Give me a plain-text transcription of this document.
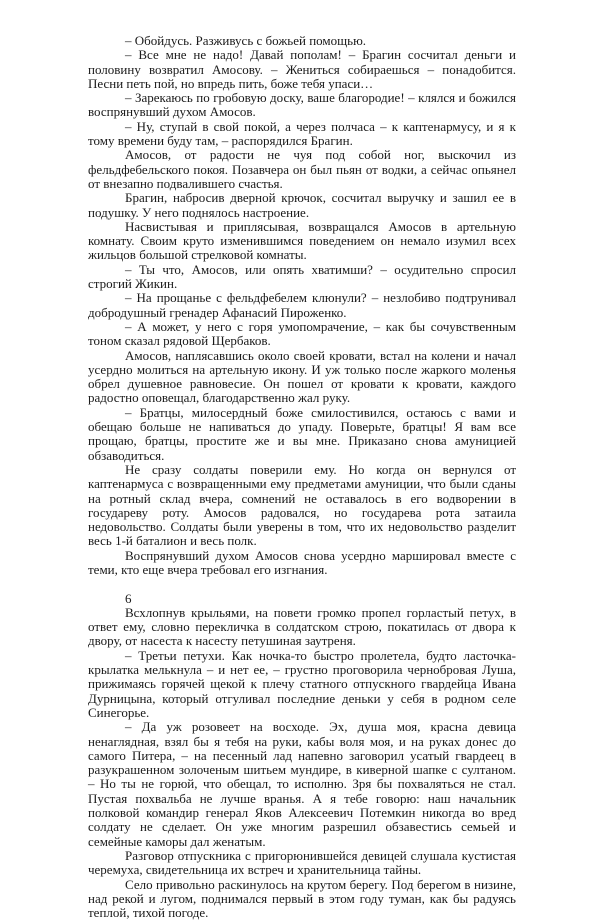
– Обойдусь. Разживусь с божьей помощью.

– Все мне не надо! Давай пополам! – Брагин сосчитал деньги и половину возвратил Амосову. – Жениться собираешься – понадобится. Песни петь пой, но впредь пить, боже тебя упаси…

– Зарекаюсь по гробовую доску, ваше благородие! – клялся и божился воспрянувший духом Амосов.

– Ну, ступай в свой покой, а через полчаса – к каптенармусу, и я к тому времени буду там, – распорядился Брагин.

Амосов, от радости не чуя под собой ног, выскочил из фельдфебельского покоя. Позавчера он был пьян от водки, а сейчас опьянел от внезапно подвалившего счастья.

Брагин, набросив дверной крючок, сосчитал выручку и зашил ее в подушку. У него поднялось настроение.

Насвистывая и приплясывая, возвращался Амосов в артельную комнату. Своим круто изменившимся поведением он немало изумил всех жильцов большой стрелковой комнаты.

– Ты что, Амосов, или опять хватимши? – осудительно спросил строгий Жикин.

– На прощанье с фельдфебелем клюнули? – незлобиво подтрунивал добродушный гренадер Афанасий Пироженко.

– А может, у него с горя умопомрачение, – как бы сочувственным тоном сказал рядовой Щербаков.

Амосов, наплясавшись около своей кровати, встал на колени и начал усердно молиться на артельную икону. И уж только после жаркого моленья обрел душевное равновесие. Он пошел от кровати к кровати, каждого радостно оповещал, благодарственно жал руку.

– Братцы, милосердный боже смилостивился, остаюсь с вами и обещаю больше не напиваться до упаду. Поверьте, братцы! Я вам все прощаю, братцы, простите же и вы мне. Приказано снова амуницией обзаводиться.

Не сразу солдаты поверили ему. Но когда он вернулся от каптенармуса с возвращенными ему предметами амуниции, что были сданы на ротный склад вчера, сомнений не оставалось в его водворении в государеву роту. Амосов радовался, но государева рота затаила недовольство. Солдаты были уверены в том, что их недовольство разделит весь 1-й баталион и весь полк.

Воспрянувший духом Амосов снова усердно маршировал вместе с теми, кто еще вчера требовал его изгнания.

6

Всхлопнув крыльями, на повети громко пропел горластый петух, в ответ ему, словно перекличка в солдатском строю, покатилась от двора к двору, от насеста к насесту петушиная заутреня.

– Третьи петухи. Как ночка-то быстро пролетела, будто ласточка-крылатка мелькнула – и нет ее, – грустно проговорила чернобровая Луша, прижимаясь горячей щекой к плечу статного отпускного гвардейца Ивана Дурницына, который отгуливал последние деньки у себя в родном селе Синегорье.

– Да уж розовеет на восходе. Эх, душа моя, красна девица ненаглядная, взял бы я тебя на руки, кабы воля моя, и на руках донес до самого Питера, – на песенный лад напевно заговорил усатый гвардеец в разукрашенном золоченым шитьем мундире, в киверной шапке с султаном. – Но ты не горюй, что обещал, то исполню. Зря бы похваляться не стал. Пустая похвальба не лучше вранья. А я тебе говорю: наш начальник полковой командир генерал Яков Алексеевич Потемкин никогда во вред солдату не сделает. Он уже многим разрешил обзавестись семьей и семейные каморы дал женатым.

Разговор отпускника с пригорюнившейся девицей слушала кустистая черемуха, свидетельница их встреч и хранительница тайны.

Село привольно раскинулось на крутом берегу. Под берегом в низине, над рекой и лугом, поднимался первый в этом году туман, как бы радуясь теплой, тихой погоде.
